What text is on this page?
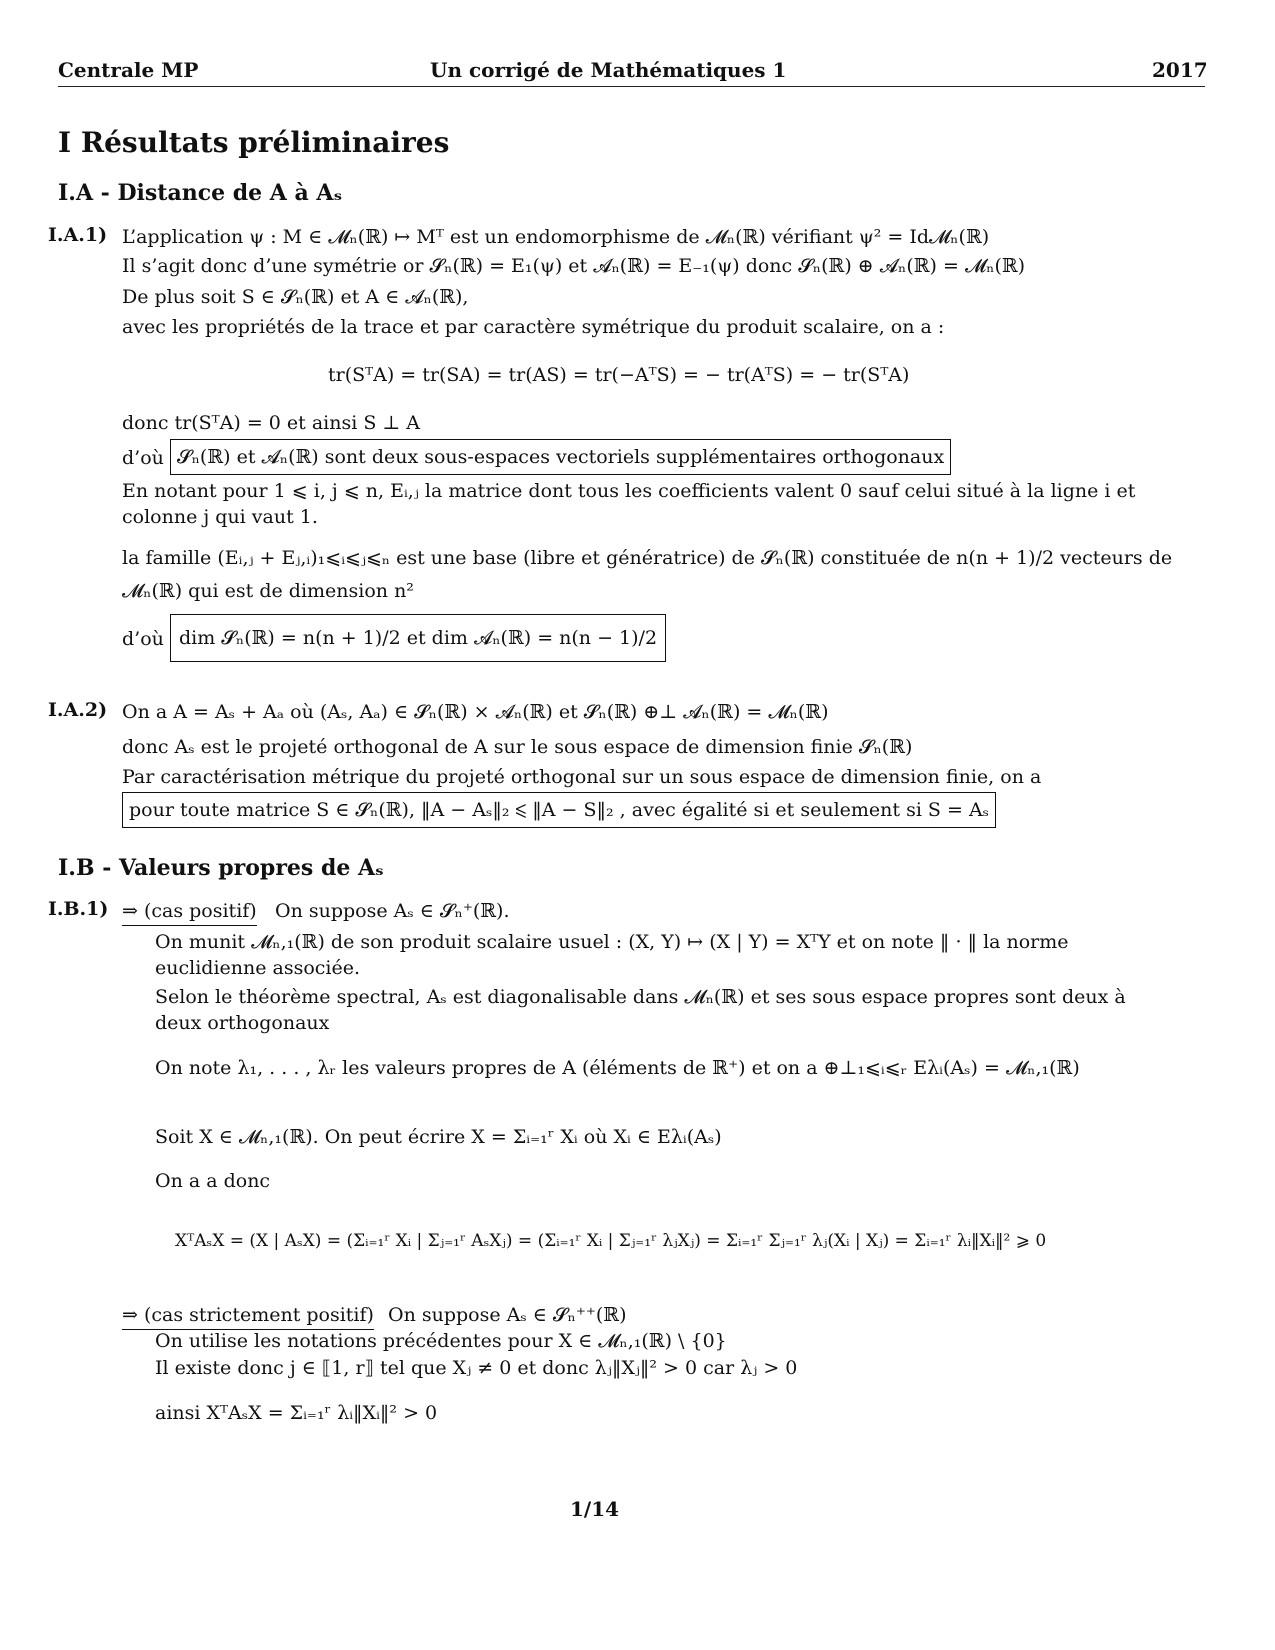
Centrale MP	Un corrigé de Mathématiques 1	2017
I Résultats préliminaires
I.A - Distance de A à Aₛ
I.A.1) L’application ψ : M ∈ 𝓜ₙ(ℝ) ↦ Mᵀ est un endomorphisme de 𝓜ₙ(ℝ) vérifiant ψ² = Id𝓜ₙ(ℝ)
Il s’agit donc d’une symétrie or 𝓢ₙ(ℝ) = E₁(ψ) et 𝓐ₙ(ℝ) = E₋₁(ψ) donc 𝓢ₙ(ℝ) ⊕ 𝓐ₙ(ℝ) = 𝓜ₙ(ℝ)
De plus soit S ∈ 𝓢ₙ(ℝ) et A ∈ 𝓐ₙ(ℝ),
avec les propriétés de la trace et par caractère symétrique du produit scalaire, on a :
tr(SᵀA) = tr(SA) = tr(AS) = tr(−AᵀS) = − tr(AᵀS) = − tr(SᵀA)
donc tr(SᵀA) = 0 et ainsi S ⊥ A
d’où 𝓢ₙ(ℝ) et 𝓐ₙ(ℝ) sont deux sous-espaces vectoriels supplémentaires orthogonaux
En notant pour 1 ⩽ i, j ⩽ n, Eᵢ,ⱼ la matrice dont tous les coefficients valent 0 sauf celui situé à la ligne i et colonne j qui vaut 1.
la famille (Eᵢ,ⱼ + Eⱼ,ᵢ)₁⩽ᵢ⩽ⱼ⩽ₙ est une base (libre et génératrice) de 𝓢ₙ(ℝ) constituée de n(n + 1)/2 vecteurs de
𝓜ₙ(ℝ) qui est de dimension n²
d’où dim 𝓢ₙ(ℝ) = n(n + 1)/2 et dim 𝓐ₙ(ℝ) = n(n − 1)/2
I.A.2) On a A = Aₛ + Aₐ où (Aₛ, Aₐ) ∈ 𝓢ₙ(ℝ) × 𝓐ₙ(ℝ) et 𝓢ₙ(ℝ) ⊕⊥ 𝓐ₙ(ℝ) = 𝓜ₙ(ℝ)
donc Aₛ est le projeté orthogonal de A sur le sous espace de dimension finie 𝓢ₙ(ℝ)
Par caractérisation métrique du projeté orthogonal sur un sous espace de dimension finie, on a
pour toute matrice S ∈ 𝓢ₙ(ℝ), ‖A − Aₛ‖₂ ⩽ ‖A − S‖₂ , avec égalité si et seulement si S = Aₛ
I.B - Valeurs propres de Aₛ
I.B.1) ⇒ (cas positif) On suppose Aₛ ∈ 𝓢ₙ⁺(ℝ).
On munit 𝓜ₙ,₁(ℝ) de son produit scalaire usuel : (X, Y) ↦ (X | Y) = XᵀY et on note ‖ · ‖ la norme euclidienne associée.
Selon le théorème spectral, Aₛ est diagonalisable dans 𝓜ₙ(ℝ) et ses sous espace propres sont deux à deux orthogonaux
On note λ₁, . . . , λᵣ les valeurs propres de A (éléments de ℝ⁺) et on a ⊕⊥₁⩽ᵢ⩽ᵣ Eλᵢ(Aₛ) = 𝓜ₙ,₁(ℝ)
Soit X ∈ 𝓜ₙ,₁(ℝ). On peut écrire X = Σᵢ₌₁ʳ Xᵢ où Xᵢ ∈ Eλᵢ(Aₛ)
On a a donc
XᵀAₛX = (X | AₛX) = (Σᵢ₌₁ʳ Xᵢ | Σⱼ₌₁ʳ AₛXⱼ) = (Σᵢ₌₁ʳ Xᵢ | Σⱼ₌₁ʳ λⱼXⱼ) = Σᵢ₌₁ʳ Σⱼ₌₁ʳ λⱼ(Xᵢ | Xⱼ) = Σᵢ₌₁ʳ λᵢ‖Xᵢ‖² ⩾ 0
⇒ (cas strictement positif) On suppose Aₛ ∈ 𝓢ₙ⁺⁺(ℝ)
On utilise les notations précédentes pour X ∈ 𝓜ₙ,₁(ℝ) \ {0}
Il existe donc j ∈ ⟦1, r⟧ tel que Xⱼ ≠ 0 et donc λⱼ‖Xⱼ‖² > 0 car λⱼ > 0
ainsi XᵀAₛX = Σᵢ₌₁ʳ λᵢ‖Xᵢ‖² > 0
1/14
